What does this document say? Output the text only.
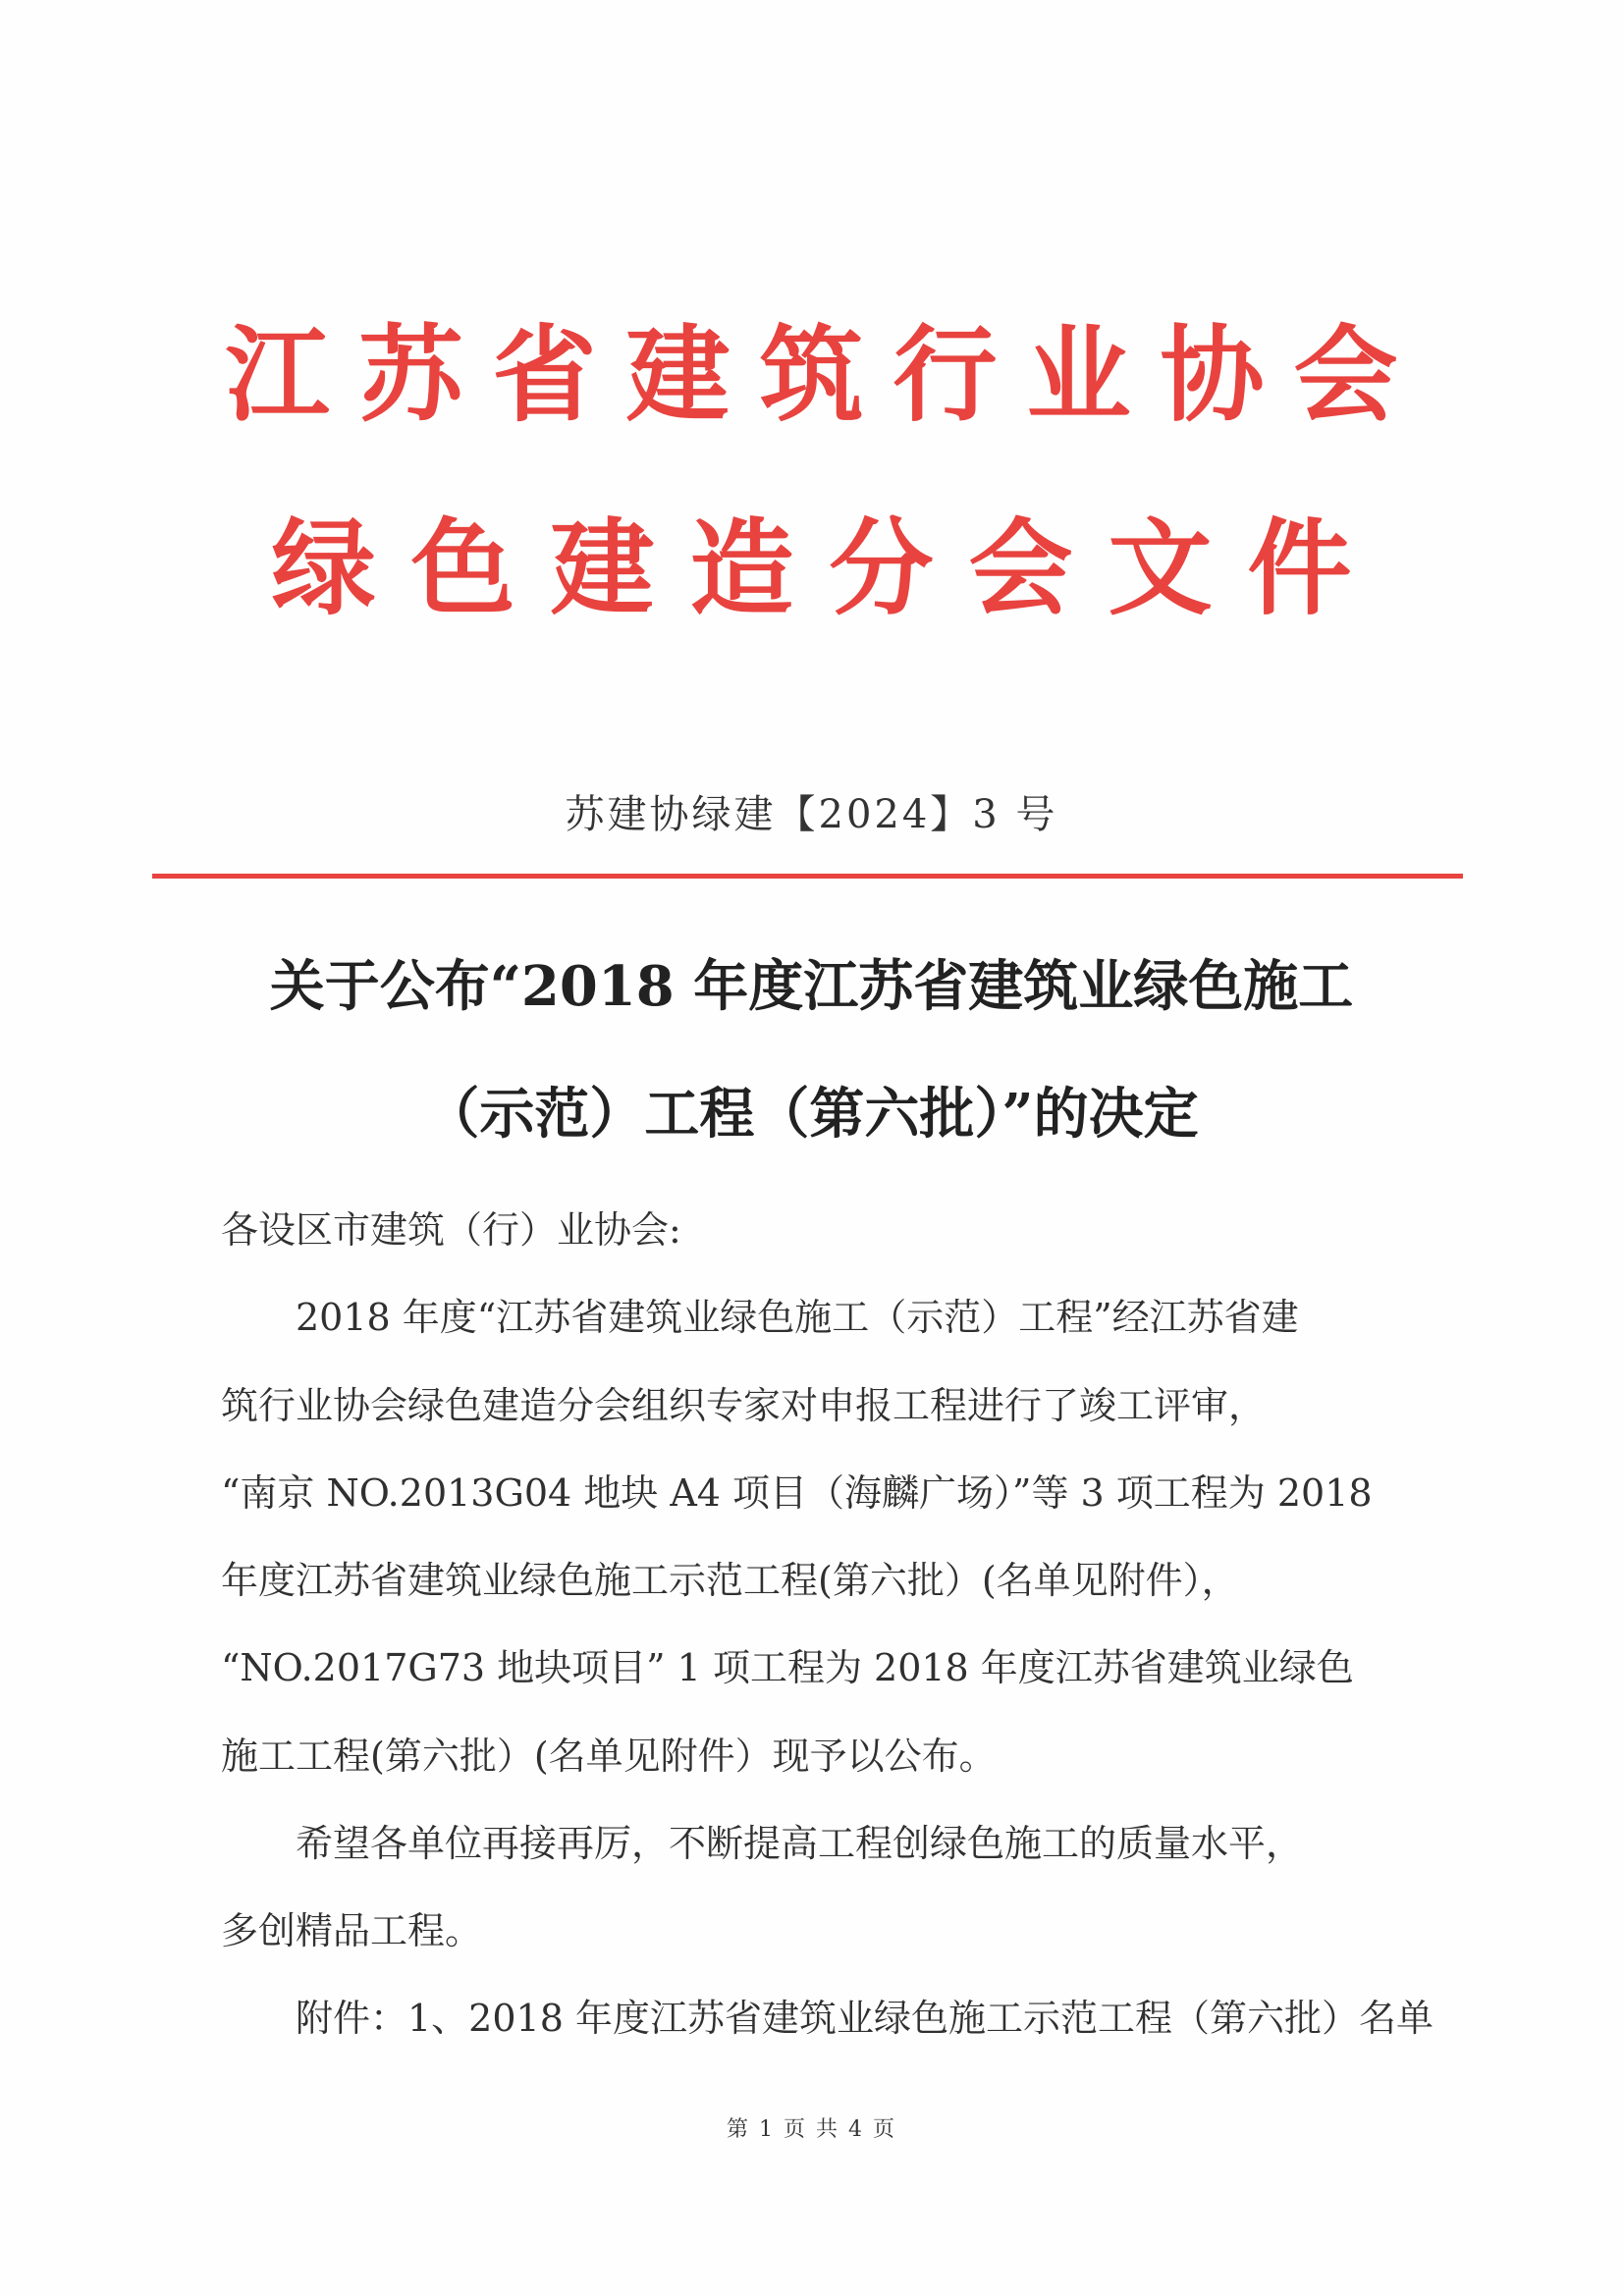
江苏省建筑行业协会
绿色建造分会文件
苏建协绿建【2024】3 号
关于公布“2018 年度江苏省建筑业绿色施工
（示范）工程（第六批）”的决定
各设区市建筑（行）业协会:
　　2018 年度“江苏省建筑业绿色施工（示范）工程”经江苏省建
筑行业协会绿色建造分会组织专家对申报工程进行了竣工评审，
“南京 NO.2013G04 地块 A4 项目（海麟广场）”等 3 项工程为 2018
年度江苏省建筑业绿色施工示范工程(第六批）(名单见附件），
“NO.2017G73 地块项目” 1 项工程为 2018 年度江苏省建筑业绿色
施工工程(第六批）(名单见附件）现予以公布。
　　希望各单位再接再厉，不断提高工程创绿色施工的质量水平，
多创精品工程。
　　附件：1、2018 年度江苏省建筑业绿色施工示范工程（第六批）名单
第 1 页 共 4 页
